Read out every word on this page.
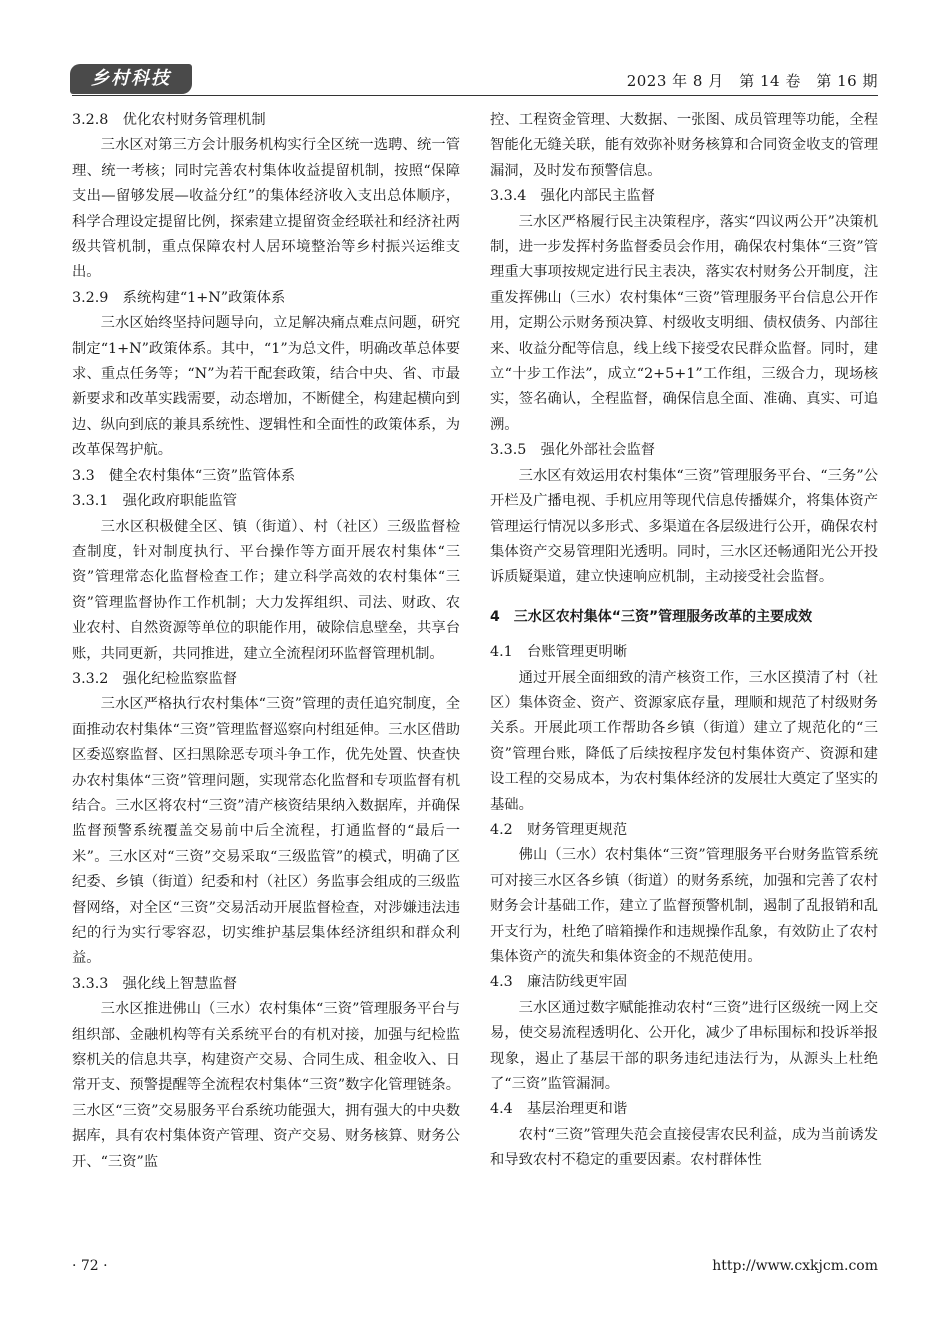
乡村科技	2023 年 8 月　第 14 卷　第 16 期

3.2.8　优化农村财务管理机制

三水区对第三方会计服务机构实行全区统一选聘、统一管理、统一考核；同时完善农村集体收益提留机制，按照“保障支出—留够发展—收益分红”的集体经济收入支出总体顺序，科学合理设定提留比例，探索建立提留资金经联社和经济社两级共管机制，重点保障农村人居环境整治等乡村振兴运维支出。

3.2.9　系统构建“1+N”政策体系

三水区始终坚持问题导向，立足解决痛点难点问题，研究制定“1+N”政策体系。其中，“1”为总文件，明确改革总体要求、重点任务等；“N”为若干配套政策，结合中央、省、市最新要求和改革实践需要，动态增加，不断健全，构建起横向到边、纵向到底的兼具系统性、逻辑性和全面性的政策体系，为改革保驾护航。

3.3　健全农村集体“三资”监管体系

3.3.1　强化政府职能监管

三水区积极健全区、镇（街道）、村（社区）三级监督检查制度，针对制度执行、平台操作等方面开展农村集体“三资”管理常态化监督检查工作；建立科学高效的农村集体“三资”管理监督协作工作机制；大力发挥组织、司法、财政、农业农村、自然资源等单位的职能作用，破除信息壁垒，共享台账，共同更新，共同推进，建立全流程闭环监督管理机制。

3.3.2　强化纪检监察监督

三水区严格执行农村集体“三资”管理的责任追究制度，全面推动农村集体“三资”管理监督巡察向村组延伸。三水区借助区委巡察监督、区扫黑除恶专项斗争工作，优先处置、快查快办农村集体“三资”管理问题，实现常态化监督和专项监督有机结合。三水区将农村“三资”清产核资结果纳入数据库，并确保监督预警系统覆盖交易前中后全流程，打通监督的“最后一米”。三水区对“三资”交易采取“三级监管”的模式，明确了区纪委、乡镇（街道）纪委和村（社区）务监事会组成的三级监督网络，对全区“三资”交易活动开展监督检查，对涉嫌违法违纪的行为实行零容忍，切实维护基层集体经济组织和群众利益。

3.3.3　强化线上智慧监督

三水区推进佛山（三水）农村集体“三资”管理服务平台与组织部、金融机构等有关系统平台的有机对接，加强与纪检监察机关的信息共享，构建资产交易、合同生成、租金收入、日常开支、预警提醒等全流程农村集体“三资”数字化管理链条。三水区“三资”交易服务平台系统功能强大，拥有强大的中央数据库，具有农村集体资产管理、资产交易、财务核算、财务公开、“三资”监

控、工程资金管理、大数据、一张图、成员管理等功能，全程智能化无缝关联，能有效弥补财务核算和合同资金收支的管理漏洞，及时发布预警信息。

3.3.4　强化内部民主监督

三水区严格履行民主决策程序，落实“四议两公开”决策机制，进一步发挥村务监督委员会作用，确保农村集体“三资”管理重大事项按规定进行民主表决，落实农村财务公开制度，注重发挥佛山（三水）农村集体“三资”管理服务平台信息公开作用，定期公示财务预决算、村级收支明细、债权债务、内部往来、收益分配等信息，线上线下接受农民群众监督。同时，建立“十步工作法”，成立“2+5+1”工作组，三级合力，现场核实，签名确认，全程监督，确保信息全面、准确、真实、可追溯。

3.3.5　强化外部社会监督

三水区有效运用农村集体“三资”管理服务平台、“三务”公开栏及广播电视、手机应用等现代信息传播媒介，将集体资产管理运行情况以多形式、多渠道在各层级进行公开，确保农村集体资产交易管理阳光透明。同时，三水区还畅通阳光公开投诉质疑渠道，建立快速响应机制，主动接受社会监督。

4　三水区农村集体“三资”管理服务改革的主要成效

4.1　台账管理更明晰

通过开展全面细致的清产核资工作，三水区摸清了村（社区）集体资金、资产、资源家底存量，理顺和规范了村级财务关系。开展此项工作帮助各乡镇（街道）建立了规范化的“三资”管理台账，降低了后续按程序发包村集体资产、资源和建设工程的交易成本，为农村集体经济的发展壮大奠定了坚实的基础。

4.2　财务管理更规范

佛山（三水）农村集体“三资”管理服务平台财务监管系统可对接三水区各乡镇（街道）的财务系统，加强和完善了农村财务会计基础工作，建立了监督预警机制，遏制了乱报销和乱开支行为，杜绝了暗箱操作和违规操作乱象，有效防止了农村集体资产的流失和集体资金的不规范使用。

4.3　廉洁防线更牢固

三水区通过数字赋能推动农村“三资”进行区级统一网上交易，使交易流程透明化、公开化，减少了串标围标和投诉举报现象，遏止了基层干部的职务违纪违法行为，从源头上杜绝了“三资”监管漏洞。

4.4　基层治理更和谐

农村“三资”管理失范会直接侵害农民利益，成为当前诱发和导致农村不稳定的重要因素。农村群体性

· 72 ·	http://www.cxkjcm.com
